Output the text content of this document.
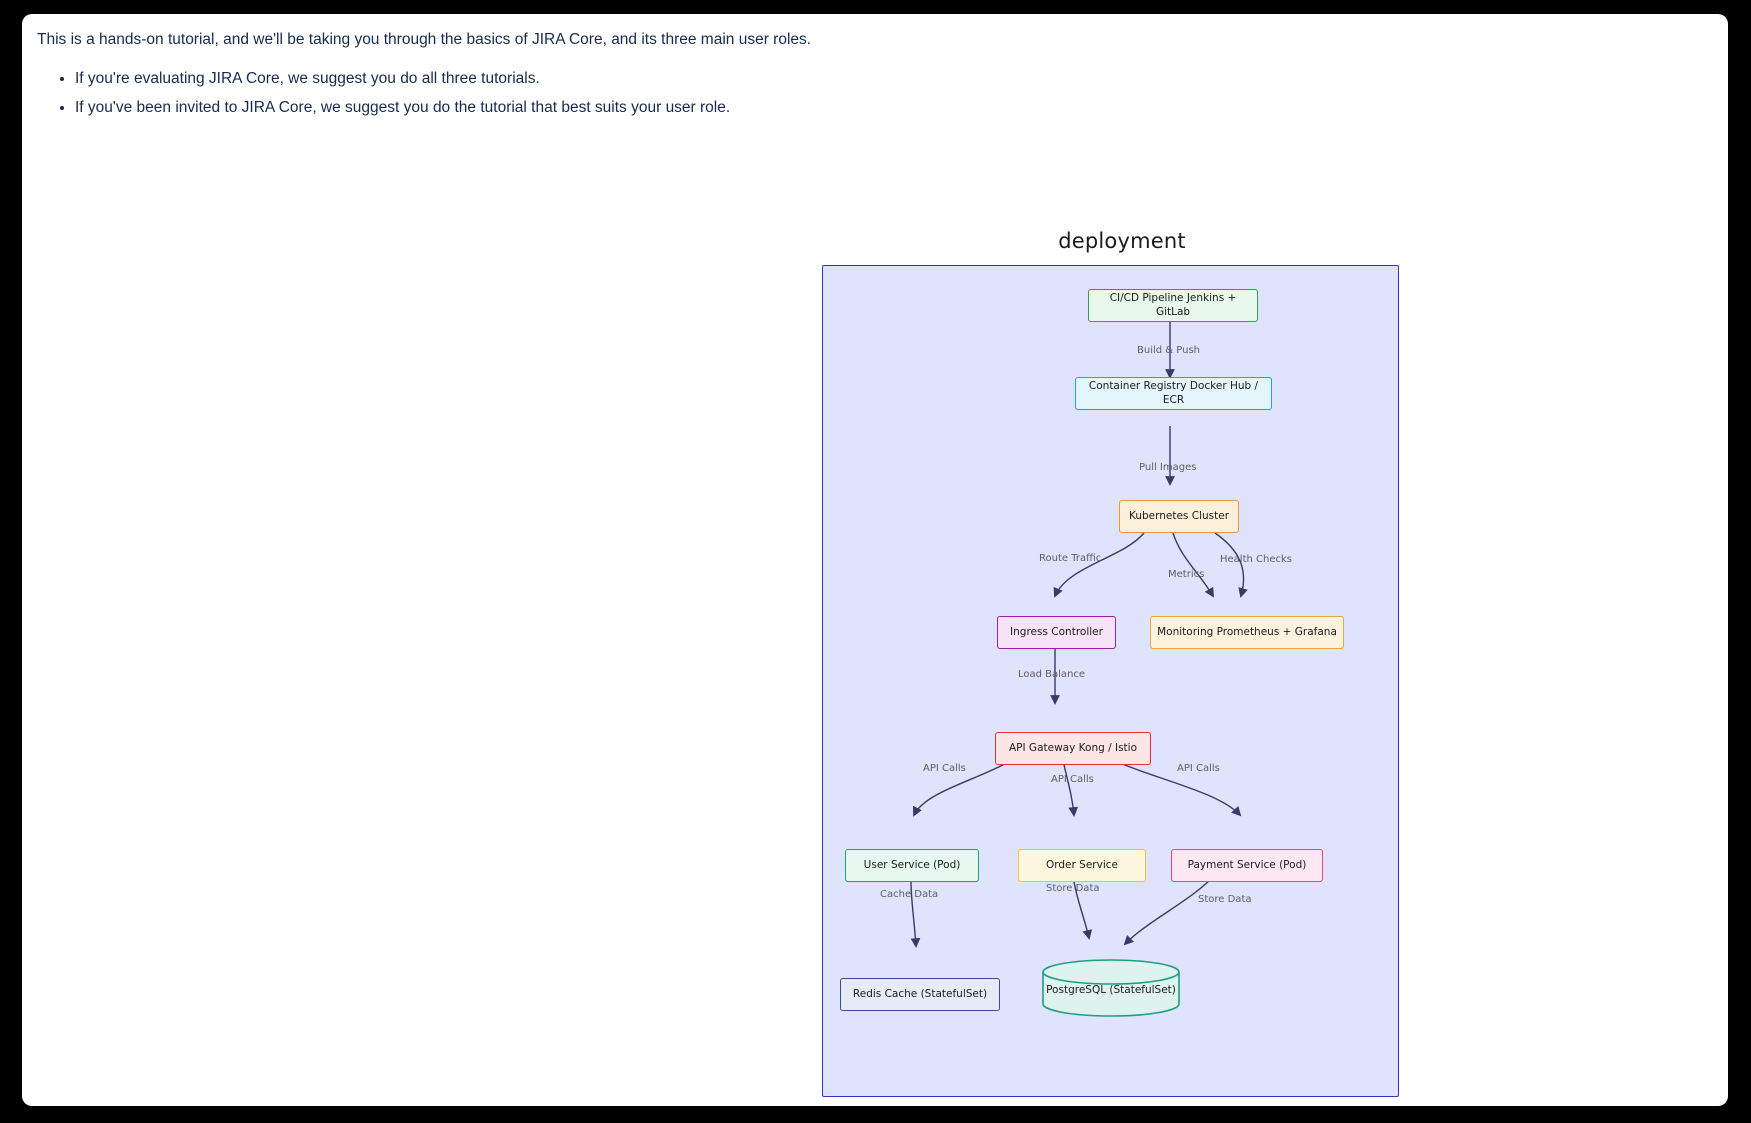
This is a hands-on tutorial, and we'll be taking you through the basics of JIRA Core, and its three main user roles.

• If you're evaluating JIRA Core, we suggest you do all three tutorials.
• If you've been invited to JIRA Core, we suggest you do the tutorial that best suits your user role.
deployment
CI/CD Pipeline Jenkins + GitLab
Container Registry Docker Hub / ECR
Kubernetes Cluster
Ingress Controller	Monitoring Prometheus + Grafana
API Gateway Kong / Istio
User Service (Pod)	Order Service	Payment Service (Pod)
Redis Cache (StatefulSet)	PostgreSQL (StatefulSet)
Build & Push
Pull Images
Route Traffic
Metrics
Health Checks
Load Balance
API Calls
API Calls
API Calls
Cache Data
Store Data
Store Data
